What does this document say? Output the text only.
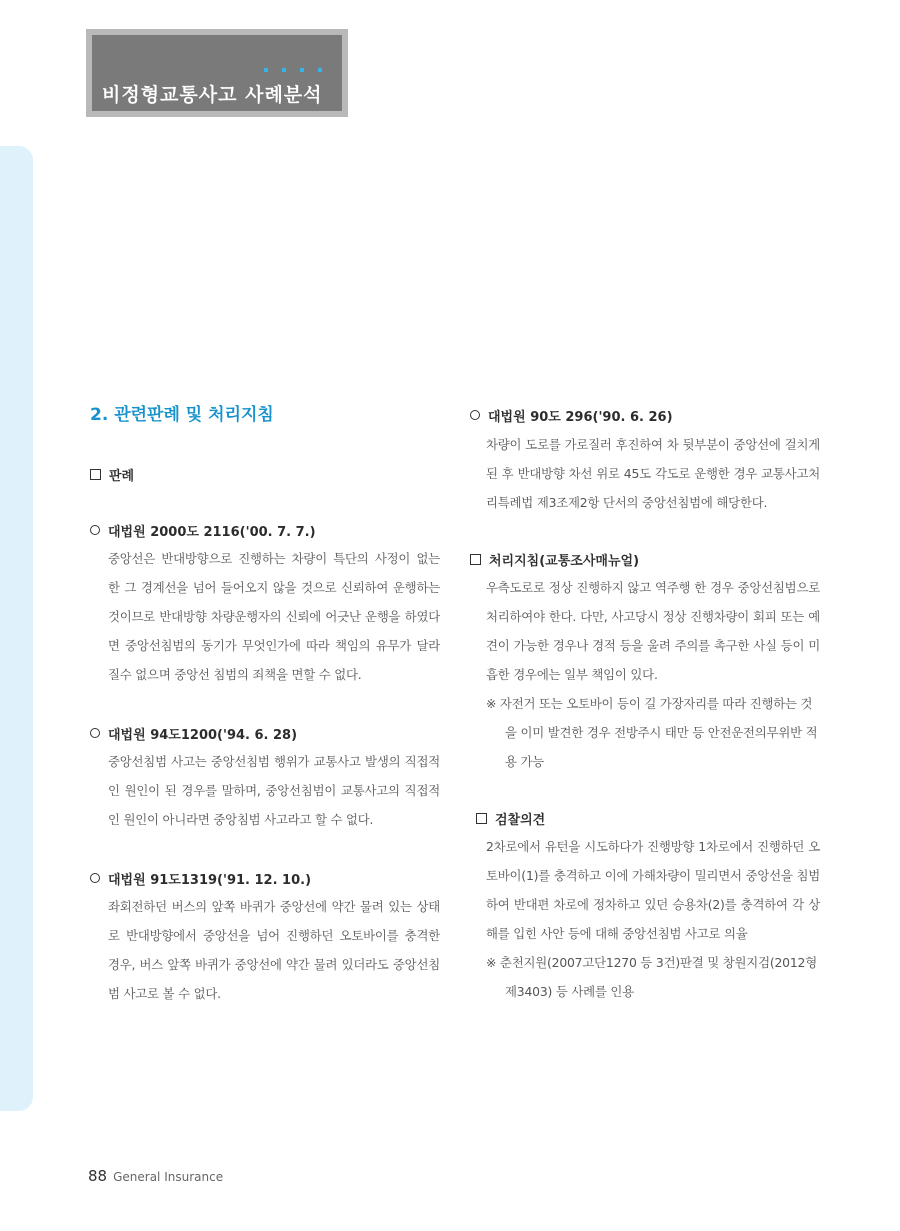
비정형교통사고 사례분석
2. 관련판례 및 처리지침
판례
대법원 2000도 2116('00. 7. 7.)

중앙선은 반대방향으로 진행하는 차량이 특단의 사정이 없는 한 그 경계선을 넘어 들어오지 않을 것으로 신뢰하여 운행하는 것이므로 반대방향 차량운행자의 신뢰에 어긋난 운행을 하였다면 중앙선침범의 동기가 무엇인가에 따라 책임의 유무가 달라 질수 없으며 중앙선 침범의 죄책을 면할 수 없다.

대법원 94도1200('94. 6. 28)

중앙선침범 사고는 중앙선침범 행위가 교통사고 발생의 직접적인 원인이 된 경우를 말하며, 중앙선침범이 교통사고의 직접적인 원인이 아니라면 중앙침범 사고라고 할 수 없다.

대법원 91도1319('91. 12. 10.)

좌회전하던 버스의 앞쪽 바퀴가 중앙선에 약간 물려 있는 상태로 반대방향에서 중앙선을 넘어 진행하던 오토바이를 충격한 경우, 버스 앞쪽 바퀴가 중앙선에 약간 물려 있더라도 중앙선침범 사고로 볼 수 없다.

대법원 90도 296('90. 6. 26)

차량이 도로를 가로질러 후진하여 차 뒷부분이 중앙선에 걸치게 된 후 반대방향 차선 위로 45도 각도로 운행한 경우 교통사고처리특례법 제3조제2항 단서의 중앙선침범에 해당한다.

처리지침(교통조사매뉴얼)

우측도로로 정상 진행하지 않고 역주행 한 경우 중앙선침범으로 처리하여야 한다. 다만, 사고당시 정상 진행차량이 회피 또는 예견이 가능한 경우나 경적 등을 울려 주의를 촉구한 사실 등이 미흡한 경우에는 일부 책임이 있다.

※ 자전거 또는 오토바이 등이 길 가장자리를 따라 진행하는 것을 이미 발견한 경우 전방주시 태만 등 안전운전의무위반 적용 가능

검찰의견

2차로에서 유턴을 시도하다가 진행방향 1차로에서 진행하던 오토바이(1)를 충격하고 이에 가해차량이 밀리면서 중앙선을 침범하여 반대편 차로에 정차하고 있던 승용차(2)를 충격하여 각 상해를 입힌 사안 등에 대해 중앙선침범 사고로 의율

※ 춘천지원(2007고단1270 등 3건)판결 및 창원지검(2012형제3403) 등 사례를 인용

88 General Insurance
